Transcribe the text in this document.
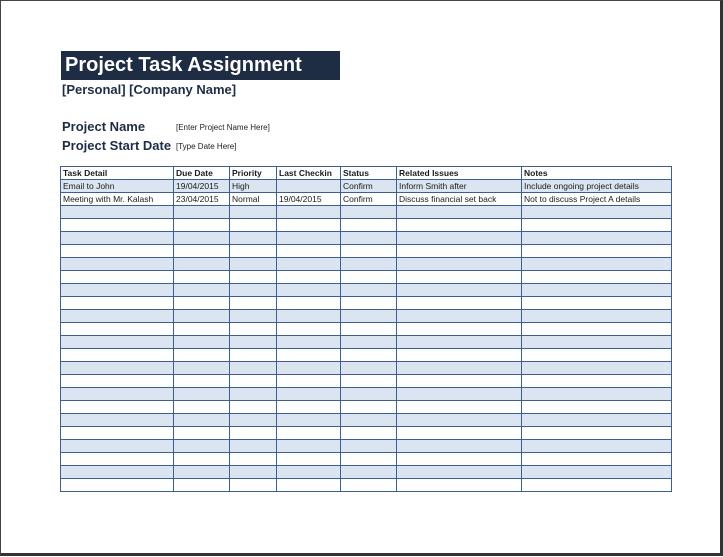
Project Task Assignment
[Personal] [Company Name]
Project Name	[Enter Project Name Here]
Project Start Date [Type Date Here]
Task Detail	Due Date	Priority	Last Checkin	Status	Related Issues	Notes
Email to John	19/04/2015	High		Confirm	Inform Smith after	Include ongoing project details
Meeting with Mr. Kalash	23/04/2015	Normal	19/04/2015	Confirm	Discuss financial set back	Not to discuss Project A details
